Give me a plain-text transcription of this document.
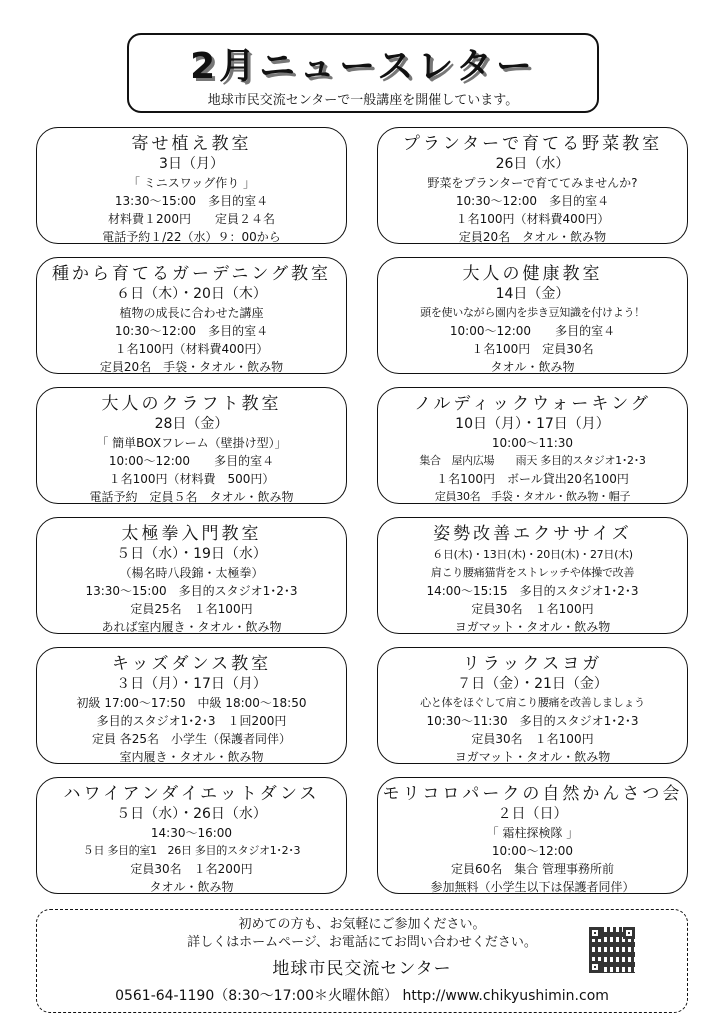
2月ニュースレター
地球市民交流センターで一般講座を開催しています。
寄せ植え教室
3日（月）
「 ミニスワッグ作り 」
13:30～15:00　多目的室４
材料費１200円　　定員２４名
電話予約１/22（水）９：00から
プランターで育てる野菜教室
26日（水）
野菜をプランターで育ててみませんか?
10:30～12:00　多目的室４
１名100円（材料費400円）
定員20名　タオル・飲み物
種から育てるガーデニング教室
６日（木）・20日（木）
植物の成長に合わせた講座
10:30～12:00　多目的室４
１名100円（材料費400円）
定員20名　手袋・タオル・飲み物
大人の健康教室
14日（金）
頭を使いながら園内を歩き豆知識を付けよう！
10:00～12:00　　多目的室４
１名100円　定員30名
タオル・飲み物
大人のクラフト教室
28日（金）
「 簡単BOXフレーム（壁掛け型）」
10:00～12:00　　多目的室４
１名100円（材料費　500円）
電話予約　定員５名　タオル・飲み物
ノルディックウォーキング
10日（月）・17日（月）
10:00～11:30
集合　屋内広場　　雨天 多目的スタジオ1･2･3
１名100円　ボール貸出20名100円
定員30名　手袋・タオル・飲み物・帽子
太極拳入門教室
５日（水）・19日（水）
（楊名時八段錦・太極拳）
13:30～15:00　多目的スタジオ1･2･3
定員25名　１名100円
あれば室内履き・タオル・飲み物
姿勢改善エクササイズ
６日(木)・13日(木)・20日(木)・27日(木)
肩こり腰痛猫背をストレッチや体操で改善
14:00～15:15　多目的スタジオ1･2･3
定員30名　１名100円
ヨガマット・タオル・飲み物
キッズダンス教室
３日（月）・17日（月）
初級 17:00～17:50　中級 18:00～18:50
多目的スタジオ1･2･3　１回200円
定員 各25名　小学生（保護者同伴）
室内履き・タオル・飲み物
リラックスヨガ
７日（金）・21日（金）
心と体をほぐして肩こり腰痛を改善しましょう
10:30～11:30　多目的スタジオ1･2･3
定員30名　１名100円
ヨガマット・タオル・飲み物
ハワイアンダイエットダンス
５日（水）・26日（水）
14:30～16:00
５日 多目的室1　26日 多目的スタジオ1･2･3
定員30名　１名200円
タオル・飲み物
モリコロパークの自然かんさつ会
２日（日）
「 霜柱探検隊 」
10:00～12:00
定員60名　集合 管理事務所前
参加無料（小学生以下は保護者同伴）
初めての方も、お気軽にご参加ください。
詳しくはホームページ、お電話にてお問い合わせください。
地球市民交流センター
0561-64-1190（8:30～17:00＊火曜休館） http://www.chikyushimin.com
